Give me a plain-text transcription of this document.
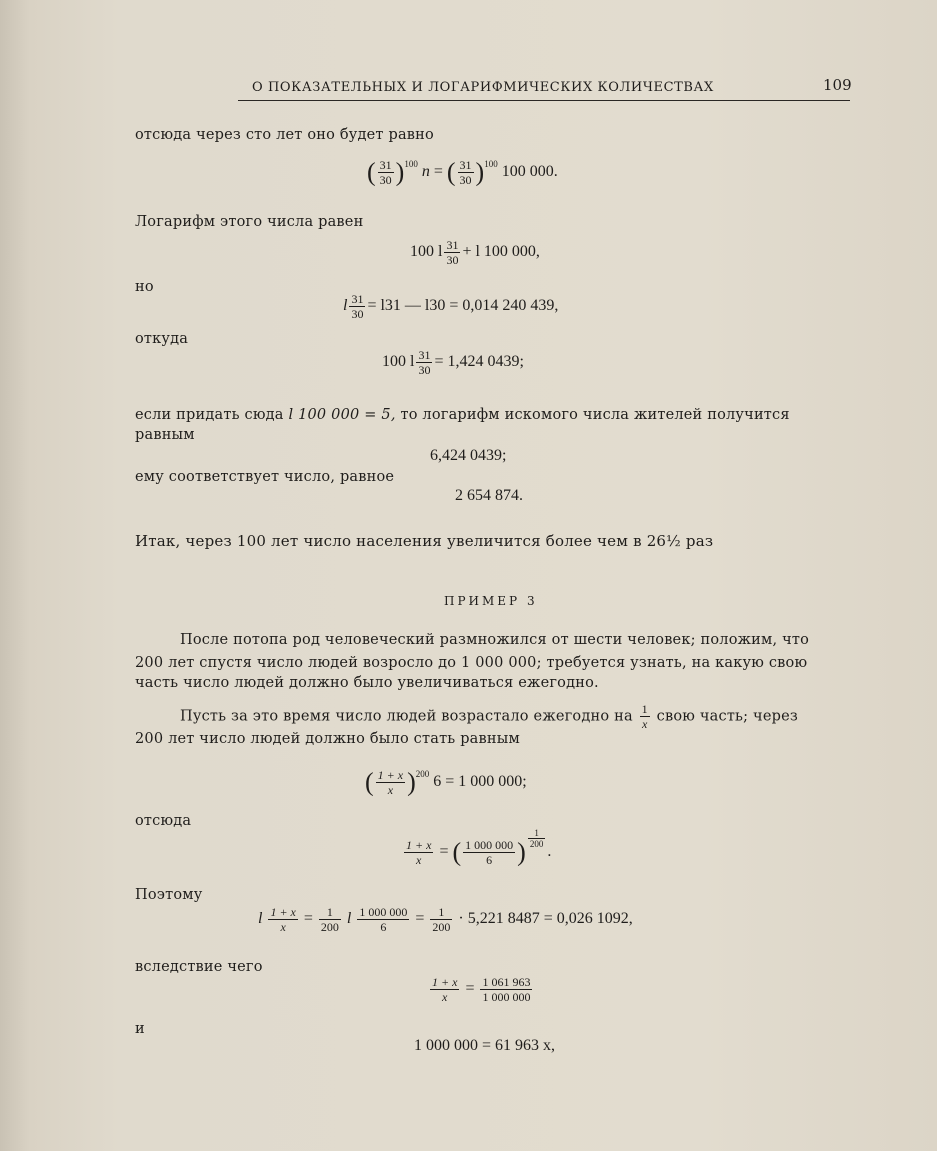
О ПОКАЗАТЕЛЬНЫХ И ЛОГАРИФМИЧЕСКИХ КОЛИЧЕСТВАХ	109
отсюда через сто лет оно будет равно
( $\frac{31}{30} )^{100}$ n = ( $\frac{31}{30} )^{100}$ 100 000.
Логарифм этого числа равен
100 l $\frac{31}{30} + l$ 100 000,
но
l $\frac{31}{30} = l31$ — l30 = 0,014 240 439,
откуда
100 l $\frac{31}{30} = 1,424$ 0439;
если придать сюда l 100 000 = 5, то логарифм искомого числа жителей получится
равным
6,424 0439;
ему соответствует число, равное
2 654 874.
Итак, через 100 лет число населения увеличится более чем в 26½ раз
ПРИМЕР 3
После потопа род человеческий размножился от шести человек; положим, что
200 лет спустя число людей возросло до 1 000 000; требуется узнать, на какую свою
часть число людей должно было увеличиваться ежегодно.
Пусть за это время число людей возрастало ежегодно на $\frac{1}{x}$ свою часть; через
200 лет число людей должно было стать равным
( $\frac{1 + x}{x} )^{200}$ 6 = 1 000 000;
отсюда
$\frac{1 + x}{x}$ = ( $\frac{1 000 000}{6}$ ) $\frac{1}{200}$
.
Поэтому
l $\frac{1 + x}{x} = \frac{1}{200}$ l $\frac{1 000 000}{6} = \frac{1}{200} \cdot 5,221$ 8487 = 0,026 1092,
вследствие чего
$\frac{1 + x}{x} = \frac{1 061 963}{1 000 000}$
и
1 000 000 = 61 963 x,
